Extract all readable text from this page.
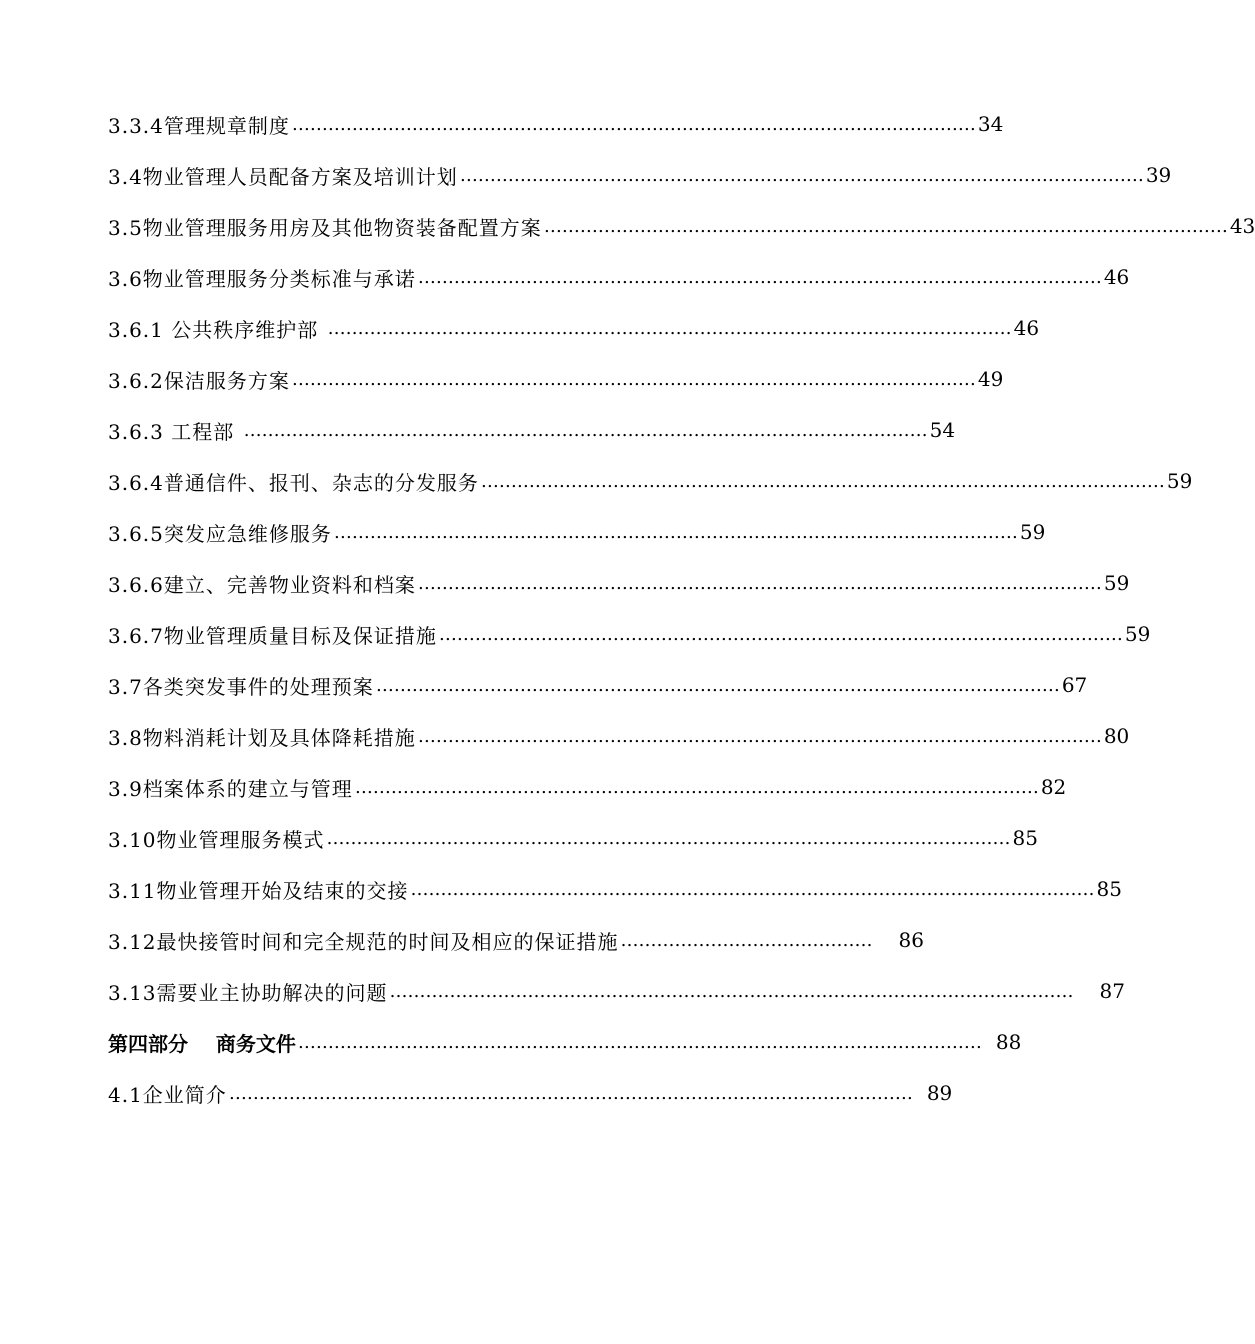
3.3.4管理规章制度 …………………………………………………………………………………………………… 34
3.4物业管理人员配备方案及培训计划 …………………………………………………………………………………………………… 39
3.5物业管理服务用房及其他物资装备配置方案 …………………………………………………………………………………………………… 43
3.6物业管理服务分类标准与承诺 …………………………………………………………………………………………………… 46
3.6.1 公共秩序维护部 …………………………………………………………………………………………………… 46
3.6.2保洁服务方案 …………………………………………………………………………………………………… 49
3.6.3 工程部 …………………………………………………………………………………………………… 54
3.6.4普通信件、报刊、杂志的分发服务 …………………………………………………………………………………………………… 59
3.6.5突发应急维修服务 …………………………………………………………………………………………………… 59
3.6.6建立、完善物业资料和档案 …………………………………………………………………………………………………… 59
3.6.7物业管理质量目标及保证措施 …………………………………………………………………………………………………… 59
3.7各类突发事件的处理预案 …………………………………………………………………………………………………… 67
3.8物料消耗计划及具体降耗措施 …………………………………………………………………………………………………… 80
3.9档案体系的建立与管理 …………………………………………………………………………………………………… 82
3.10物业管理服务模式 …………………………………………………………………………………………………… 85
3.11物业管理开始及结束的交接 …………………………………………………………………………………………………… 85
3.12最快接管时间和完全规范的时间及相应的保证措施 …………………………………… 86
3.13需要业主协助解决的问题 …………………………………………………………………………………………………… 87
第四部分    商务文件 …………………………………………………………………………………………………… 88
4.1企业简介 …………………………………………………………………………………………………… 89
